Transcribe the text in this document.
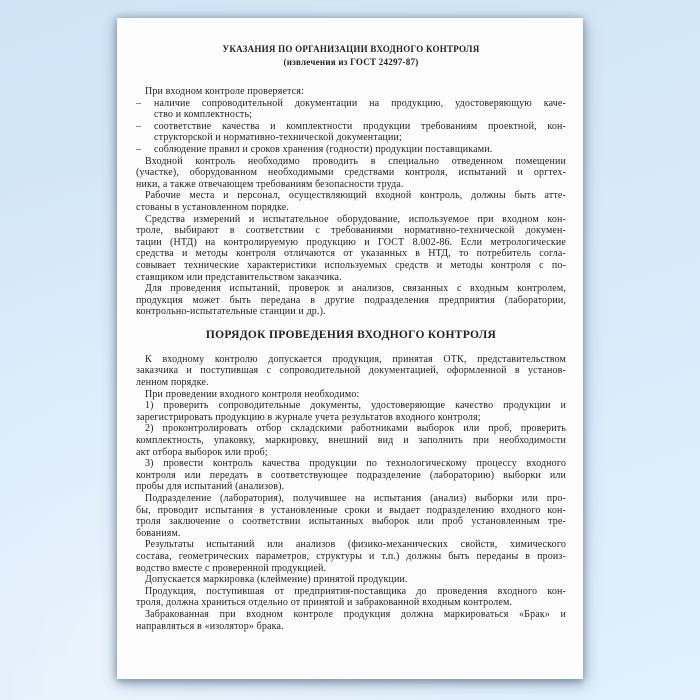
УКАЗАНИЯ ПО ОРГАНИЗАЦИИ ВХОДНОГО КОНТРОЛЯ
(извлечения из ГОСТ 24297-87)
При входном контроле проверяется:
– наличие сопроводительной документации на продукцию, удостоверяющую каче-
ство и комплектность;
– соответствие качества и комплектности продукции требованиям проектной, кон-
структорской и нормативно-технической документации;
– соблюдение правил и сроков хранения (годности) продукции поставщиками.
Входной контроль необходимо проводить в специально отведенном помещении
(участке), оборудованном необходимыми средствами контроля, испытаний и оргтех-
ники, а также отвечающем требованиям безопасности труда.
Рабочие места и персонал, осуществляющий входной контроль, должны быть атте-
стованы в установленном порядке.
Средства измерений и испытательное оборудование, используемое при входном кон-
троле, выбирают в соответствии с требованиями нормативно-технической докумен-
тации (НТД) на контролируемую продукцию и ГОСТ 8.002-86. Если метрологические
средства и методы контроля отличаются от указанных в НТД, то потребитель согла-
совывает технические характеристики используемых средств и методы контроля с по-
ставщиком или представительством заказчика.
Для проведения испытаний, проверок и анализов, связанных с входным контролем,
продукция может быть передана в другие подразделения предприятия (лаборатории,
контрольно-испытательные станции и др.).
ПОРЯДОК ПРОВЕДЕНИЯ ВХОДНОГО КОНТРОЛЯ
К входному контролю допускается продукция, принятая ОТК, представительством
заказчика и поступившая с сопроводительной документацией, оформленной в установ-
ленном порядке.
При проведении входного контроля необходимо:
1) проверить сопроводительные документы, удостоверяющие качество продукции и
зарегистрировать продукцию в журнале учета результатов входного контроля;
2) проконтролировать отбор складскими работниками выборок или проб, проверить
комплектность, упаковку, маркировку, внешний вид и заполнить при необходимости
акт отбора выборок или проб;
3) провести контроль качества продукции по технологическому процессу входного
контроля или передать в соответствующее подразделение (лабораторию) выборки или
пробы для испытаний (анализов).
Подразделение (лаборатория), получившее на испытания (анализ) выборки или про-
бы, проводит испытания в установленные сроки и выдает подразделению входного кон-
троля заключение о соответствии испытанных выборок или проб установленным тре-
бованиям.
Результаты испытаний или анализов (физико-механических свойств, химического
состава, геометрических параметров, структуры и т.п.) должны быть переданы в произ-
водство вместе с проверенной продукцией.
Допускается маркировка (клеймение) принятой продукции.
Продукция, поступившая от предприятия-поставщика до проведения входного кон-
троля, должна храниться отдельно от принятой и забракованной входным контролем.
Забракованная при входном контроле продукция должна маркироваться «Брак» и
направляться в «изолятор» брака.
